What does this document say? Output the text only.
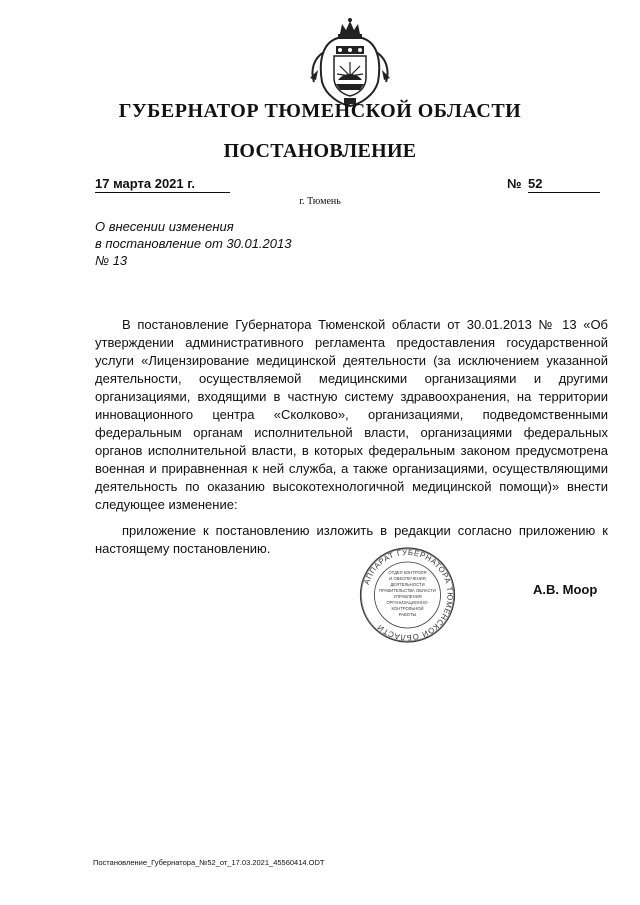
ГУБЕРНАТОР ТЮМЕНСКОЙ ОБЛАСТИ
ПОСТАНОВЛЕНИЕ
17 марта 2021 г.	№ 52
г. Тюмень
О внесении изменения
в постановление от 30.01.2013
№ 13

В постановление Губернатора Тюменской области от 30.01.2013 № 13 «Об утверждении административного регламента предоставления государственной услуги «Лицензирование медицинской деятельности (за исключением указанной деятельности, осуществляемой медицинскими организациями и другими организациями, входящими в частную систему здравоохранения, на территории инновационного центра «Сколково», организациями, подведомственными федеральным органам исполнительной власти, организациями федеральных органов исполнительной власти, в которых федеральным законом предусмотрена военная и приравненная к ней служба, а также организациями, осуществляющими деятельность по оказанию высокотехнологичной медицинской помощи)» внести следующее изменение:

приложение к постановлению изложить в редакции согласно приложению к настоящему постановлению.

АППАРАТ ГУБЕРНАТОРА ТЮМЕНСКОЙ ОБЛАСТИ
ОТДЕЛ КОНТРОЛЯ
И ОБЕСПЕЧЕНИЯ
ДЕЯТЕЛЬНОСТИ
ПРАВИТЕЛЬСТВА ОБЛАСТИ
УПРАВЛЕНИЯ
ОРГАНИЗАЦИОННО-
КОНТРОЛЬНОЙ
РАБОТЫ
А.В. Моор
Постановление_Губернатора_№52_от_17.03.2021_45560414.ODT
